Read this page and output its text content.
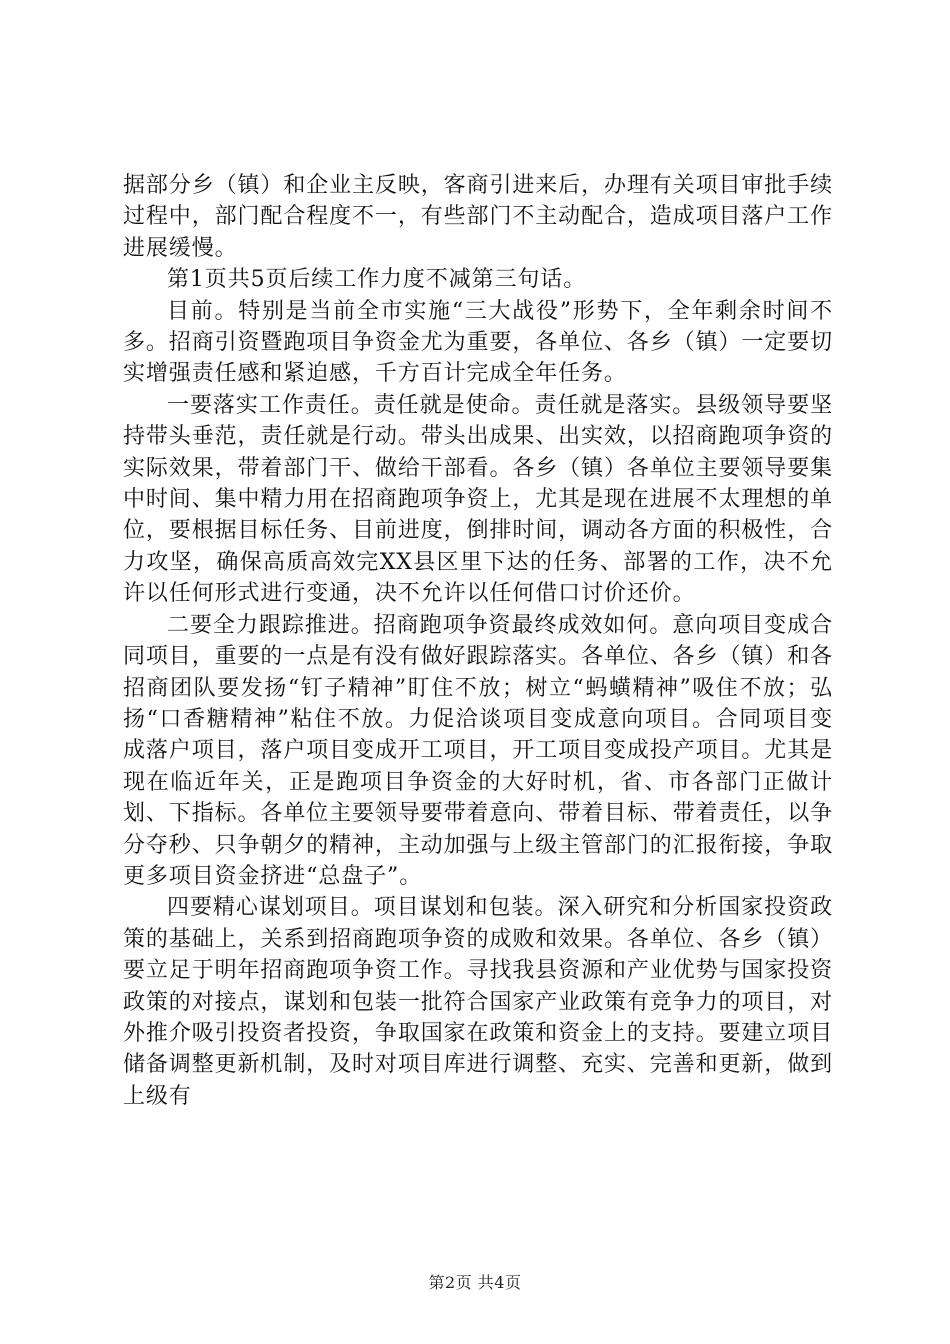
据部分乡（镇）和企业主反映，客商引进来后，办理有关项目审批手续过程中，部门配合程度不一，有些部门不主动配合，造成项目落户工作进展缓慢。

第1页共5页后续工作力度不减第三句话。

目前。特别是当前全市实施“三大战役”形势下，全年剩余时间不多。招商引资暨跑项目争资金尤为重要，各单位、各乡（镇）一定要切实增强责任感和紧迫感，千方百计完成全年任务。

一要落实工作责任。责任就是使命。责任就是落实。县级领导要坚持带头垂范，责任就是行动。带头出成果、出实效，以招商跑项争资的实际效果，带着部门干、做给干部看。各乡（镇）各单位主要领导要集中时间、集中精力用在招商跑项争资上，尤其是现在进展不太理想的单位，要根据目标任务、目前进度，倒排时间，调动各方面的积极性，合力攻坚，确保高质高效完XX县区里下达的任务、部署的工作，决不允许以任何形式进行变通，决不允许以任何借口讨价还价。

二要全力跟踪推进。招商跑项争资最终成效如何。意向项目变成合同项目，重要的一点是有没有做好跟踪落实。各单位、各乡（镇）和各招商团队要发扬“钉子精神”盯住不放；树立“蚂蟥精神”吸住不放；弘扬“口香糖精神”粘住不放。力促洽谈项目变成意向项目。合同项目变成落户项目，落户项目变成开工项目，开工项目变成投产项目。尤其是现在临近年关，正是跑项目争资金的大好时机，省、市各部门正做计划、下指标。各单位主要领导要带着意向、带着目标、带着责任，以争分夺秒、只争朝夕的精神，主动加强与上级主管部门的汇报衔接，争取更多项目资金挤进“总盘子”。

四要精心谋划项目。项目谋划和包装。深入研究和分析国家投资政策的基础上，关系到招商跑项争资的成败和效果。各单位、各乡（镇）要立足于明年招商跑项争资工作。寻找我县资源和产业优势与国家投资政策的对接点，谋划和包装一批符合国家产业政策有竞争力的项目，对外推介吸引投资者投资，争取国家在政策和资金上的支持。要建立项目储备调整更新机制，及时对项目库进行调整、充实、完善和更新，做到上级有

第2页 共4页
